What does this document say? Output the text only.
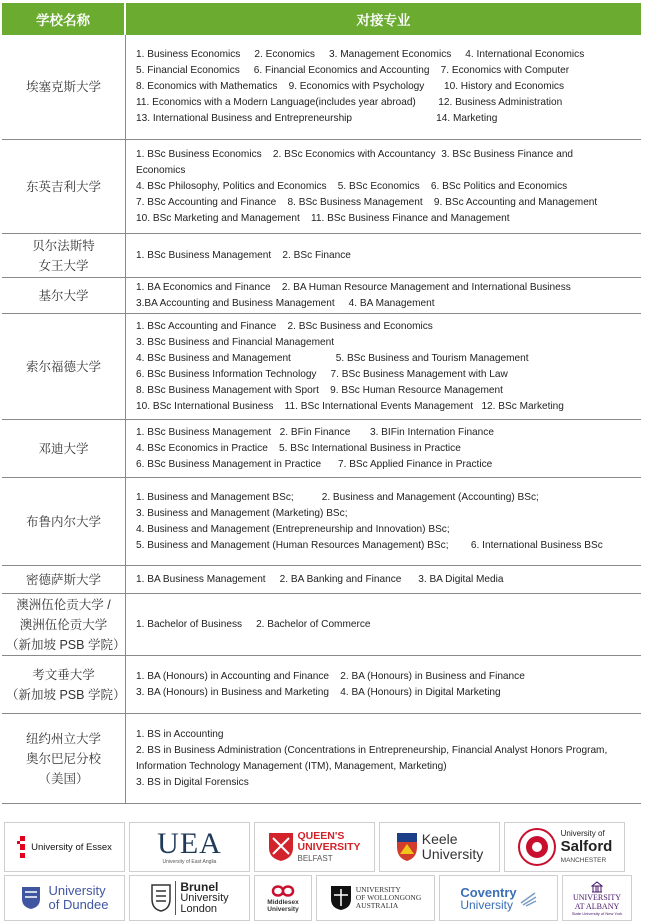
学校名称	对接专业
埃塞克斯大学
1. Business Economics     2. Economics     3. Management Economics     4. International Economics
5. Financial Economics     6. Financial Economics and Accounting    7. Economics with Computer
8. Economics with Mathematics    9. Economics with Psychology       10. History and Economics
11. Economics with a Modern Language(includes year abroad)        12. Business Administration
13. International Business and Entrepreneurship                              14. Marketing
东英吉利大学
1. BSc Business Economics    2. BSc Economics with Accountancy  3. BSc Business Finance and
Economics
4. BSc Philosophy, Politics and Economics    5. BSc Economics    6. BSc Politics and Economics
7. BSc Accounting and Finance    8. BSc Business Management    9. BSc Accounting and Management
10. BSc Marketing and Management    11. BSc Business Finance and Management
贝尔法斯特
女王大学
1. BSc Business Management    2. BSc Finance
基尔大学
1. BA Economics and Finance    2. BA Human Resource Management and International Business
3.BA Accounting and Business Management     4. BA Management
索尔福德大学
1. BSc Accounting and Finance    2. BSc Business and Economics
3. BSc Business and Financial Management
4. BSc Business and Management                5. BSc Business and Tourism Management
6. BSc Business Information Technology     7. BSc Business Management with Law
8. BSc Business Management with Sport    9. BSc Human Resource Management
10. BSc International Business    11. BSc International Events Management   12. BSc Marketing
邓迪大学
1. BSc Business Management   2. BFin Finance       3. BIFin Internation Finance
4. BSc Economics in Practice    5. BSc International Business in Practice
6. BSc Business Management in Practice      7. BSc Applied Finance in Practice
布鲁内尔大学
1. Business and Management BSc;          2. Business and Management (Accounting) BSc;
3. Business and Management (Marketing) BSc;
4. Business and Management (Entrepreneurship and Innovation) BSc;
5. Business and Management (Human Resources Management) BSc;        6. International Business BSc
密德萨斯大学	1. BA Business Management     2. BA Banking and Finance      3. BA Digital Media
澳洲伍伦贡大学 /
澳洲伍伦贡大学
（新加坡 PSB 学院）
1. Bachelor of Business     2. Bachelor of Commerce
考文垂大学
（新加坡 PSB 学院）
1. BA (Honours) in Accounting and Finance    2. BA (Honours) in Business and Finance
3. BA (Honours) in Business and Marketing    4. BA (Honours) in Digital Marketing
纽约州立大学
奥尔巴尼分校
（美国）
1. BS in Accounting
2. BS in Business Administration (Concentrations in Entrepreneurship, Financial Analyst Honors Program,
Information Technology Management (ITM), Management, Marketing)
3. BS in Digital Forensics
University of Essex UEA
University of East Anglia
QUEEN'S
UNIVERSITY
BELFAST
Keele
University
University of
Salford
MANCHESTER
University
of Dundee
Brunel
University
London
Middlesex
University
UNIVERSITY
OF WOLLONGONG
AUSTRALIA
Coventry
University
UNIVERSITY
AT ALBANY
State University of New York
